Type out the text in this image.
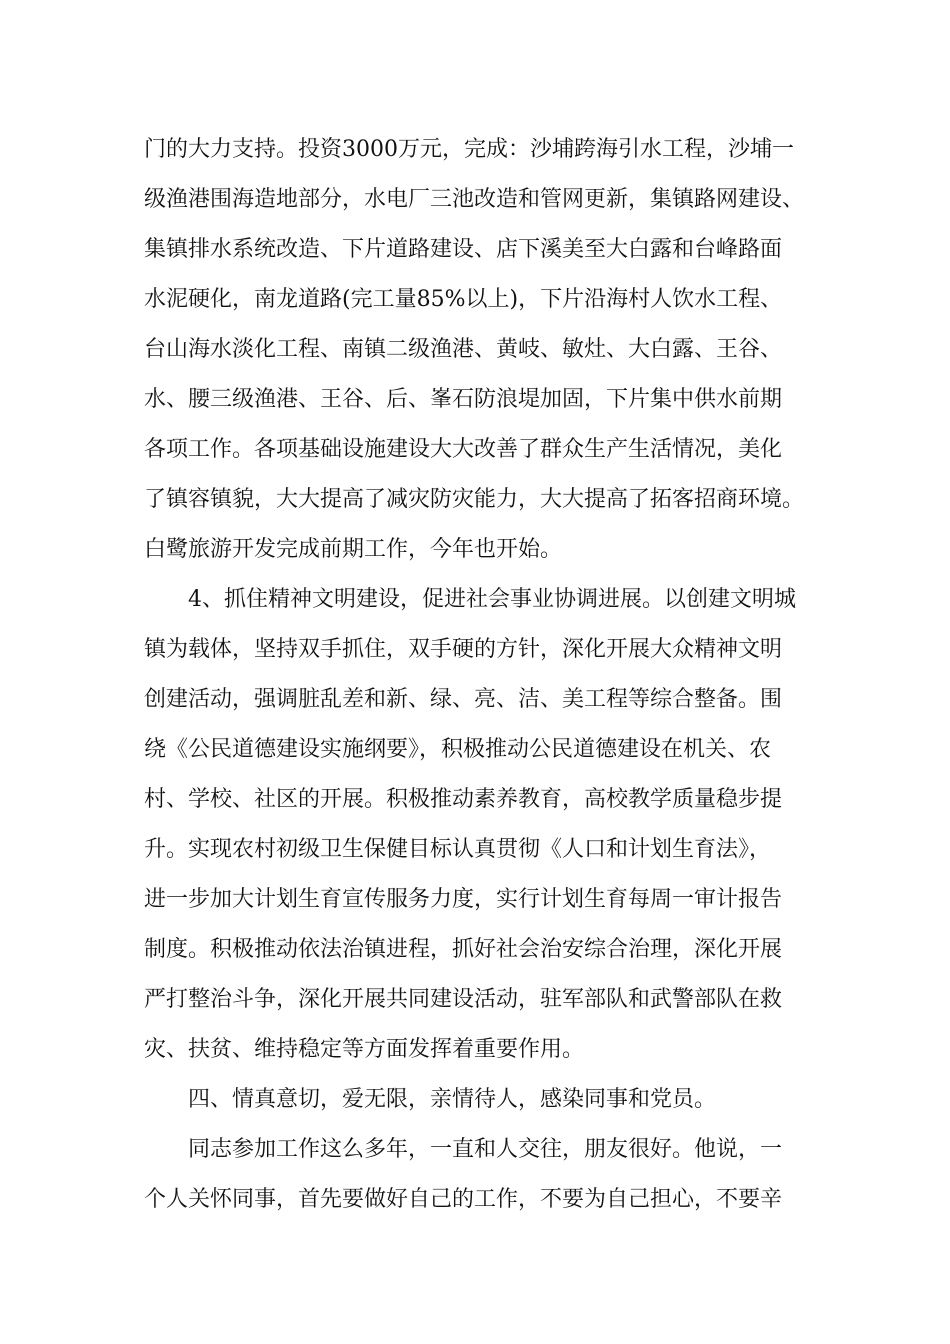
门的大力支持。投资3000万元，完成：沙埔跨海引水工程，沙埔一
级渔港围海造地部分，水电厂三池改造和管网更新，集镇路网建设、
集镇排水系统改造、下片道路建设、店下溪美至大白露和台峰路面
水泥硬化，南龙道路(完工量85%以上)，下片沿海村人饮水工程、
台山海水淡化工程、南镇二级渔港、黄岐、敏灶、大白露、王谷、
水、腰三级渔港、王谷、后、峯石防浪堤加固，下片集中供水前期
各项工作。各项基础设施建设大大改善了群众生产生活情况，美化
了镇容镇貌，大大提高了减灾防灾能力，大大提高了拓客招商环境。
白鹭旅游开发完成前期工作，今年也开始。
4、抓住精神文明建设，促进社会事业协调进展。以创建文明城
镇为载体，坚持双手抓住，双手硬的方针，深化开展大众精神文明
创建活动，强调脏乱差和新、绿、亮、洁、美工程等综合整备。围
绕《公民道德建设实施纲要》，积极推动公民道德建设在机关、农
村、学校、社区的开展。积极推动素养教育，高校教学质量稳步提
升。实现农村初级卫生保健目标认真贯彻《人口和计划生育法》，
进一步加大计划生育宣传服务力度，实行计划生育每周一审计报告
制度。积极推动依法治镇进程，抓好社会治安综合治理，深化开展
严打整治斗争，深化开展共同建设活动，驻军部队和武警部队在救
灾、扶贫、维持稳定等方面发挥着重要作用。
四、情真意切，爱无限，亲情待人，感染同事和党员。
同志参加工作这么多年，一直和人交往，朋友很好。他说，一
个人关怀同事，首先要做好自己的工作，不要为自己担心，不要辛
